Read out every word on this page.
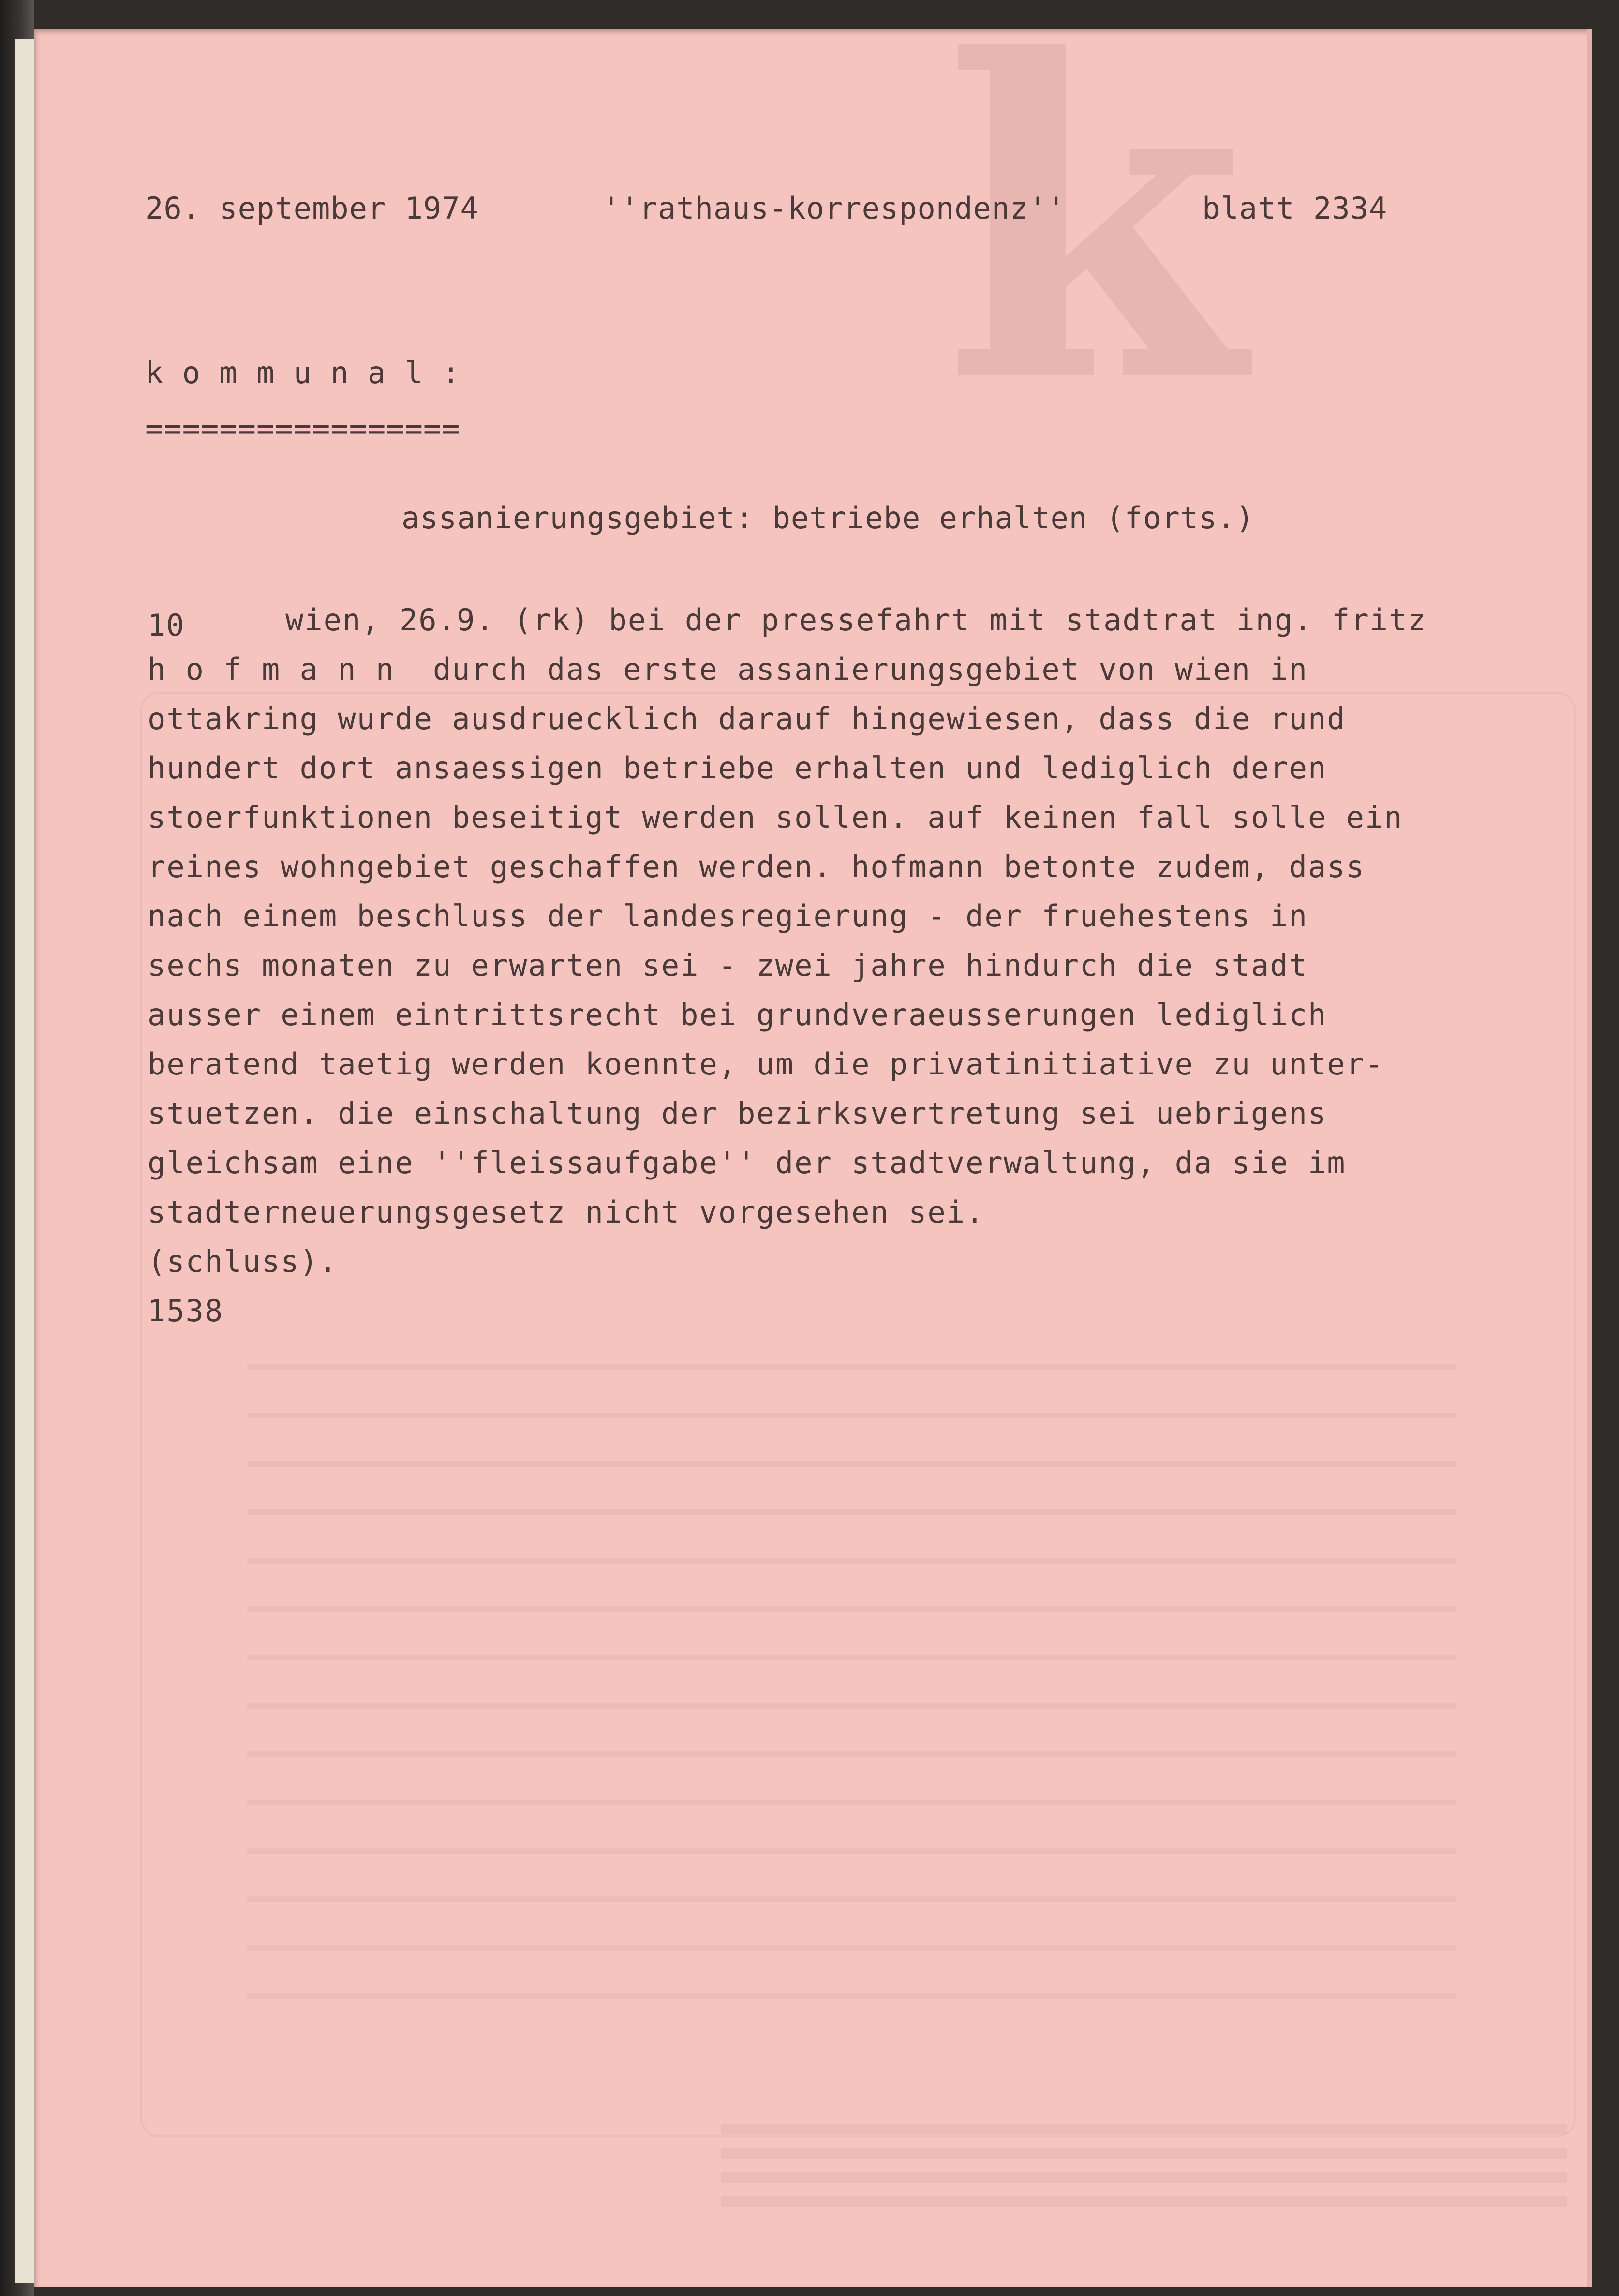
k
26. september 1974	''rathaus-korrespondenz''	blatt 2334
k o m m u n a l :
=================
assanierungsgebiet: betriebe erhalten (forts.)
10	wien, 26.9. (rk) bei der pressefahrt mit stadtrat ing. fritz
h o f m a n n  durch das erste assanierungsgebiet von wien in
ottakring wurde ausdruecklich darauf hingewiesen, dass die rund
hundert dort ansaessigen betriebe erhalten und lediglich deren
stoerfunktionen beseitigt werden sollen. auf keinen fall solle ein
reines wohngebiet geschaffen werden. hofmann betonte zudem, dass
nach einem beschluss der landesregierung - der fruehestens in
sechs monaten zu erwarten sei - zwei jahre hindurch die stadt
ausser einem eintrittsrecht bei grundveraeusserungen lediglich
beratend taetig werden koennte, um die privatinitiative zu unter-
stuetzen. die einschaltung der bezirksvertretung sei uebrigens
gleichsam eine ''fleissaufgabe'' der stadtverwaltung, da sie im
stadterneuerungsgesetz nicht vorgesehen sei.
(schluss).
1538
